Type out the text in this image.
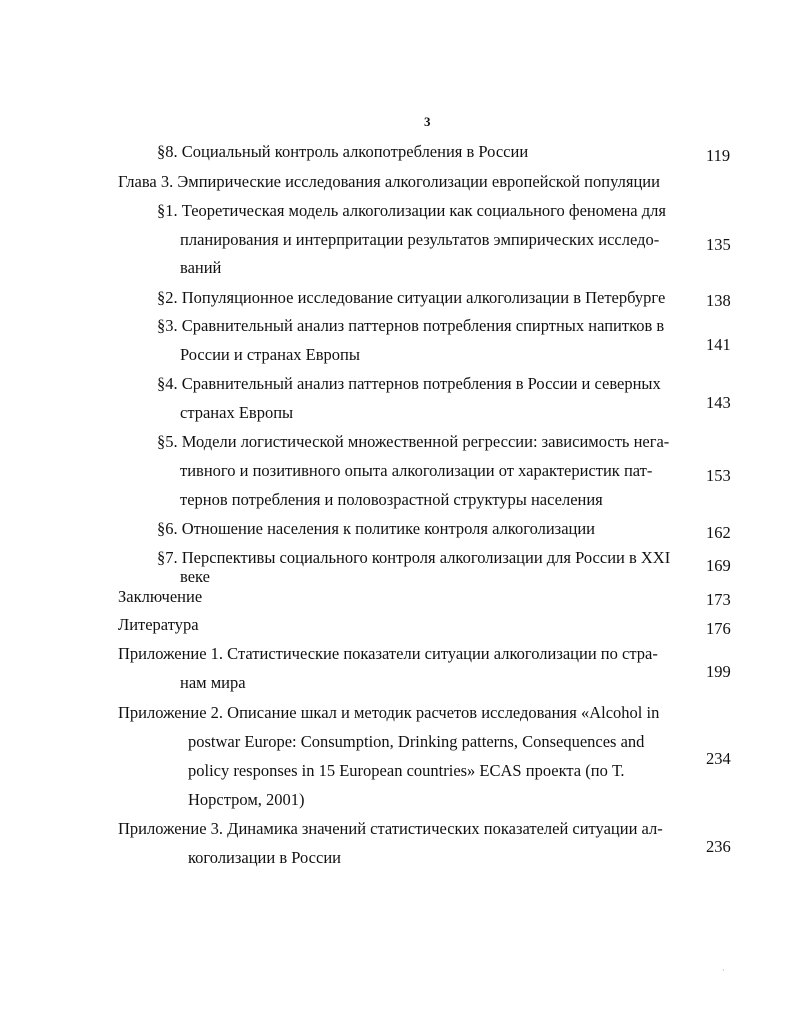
3
§8. Социальный контроль алкопотребления в России	119
Глава 3. Эмпирические исследования алкоголизации европейской популяции
§1. Теоретическая модель алкоголизации как социального феномена для
планирования и интерпритации результатов эмпирических исследо-
ваний
135
§2. Популяционное исследование ситуации алкоголизации в Петербурге 138
§3. Сравнительный анализ паттернов потребления спиртных напитков в
России и странах Европы
141
§4. Сравнительный анализ паттернов потребления в России и северных
странах Европы
143
§5. Модели логистической множественной регрессии: зависимость нега-
тивного и позитивного опыта алкоголизации от характеристик пат-
тернов потребления и половозрастной структуры населения
153
§6. Отношение населения к политике контроля алкоголизации	162
§7. Перспективы социального контроля алкоголизации для России в XXI
веке
169
Заключение	173
Литература	176
Приложение 1. Статистические показатели ситуации алкоголизации по стра-
нам мира
199
Приложение 2. Описание шкал и методик расчетов исследования «Alcohol in
postwar Europe: Consumption, Drinking patterns, Consequences and
policy responses in 15 European countries» ECAS проекта (по Т.
Норстром, 2001)
234
Приложение 3. Динамика значений статистических показателей ситуации ал-
коголизации в России
236
·
